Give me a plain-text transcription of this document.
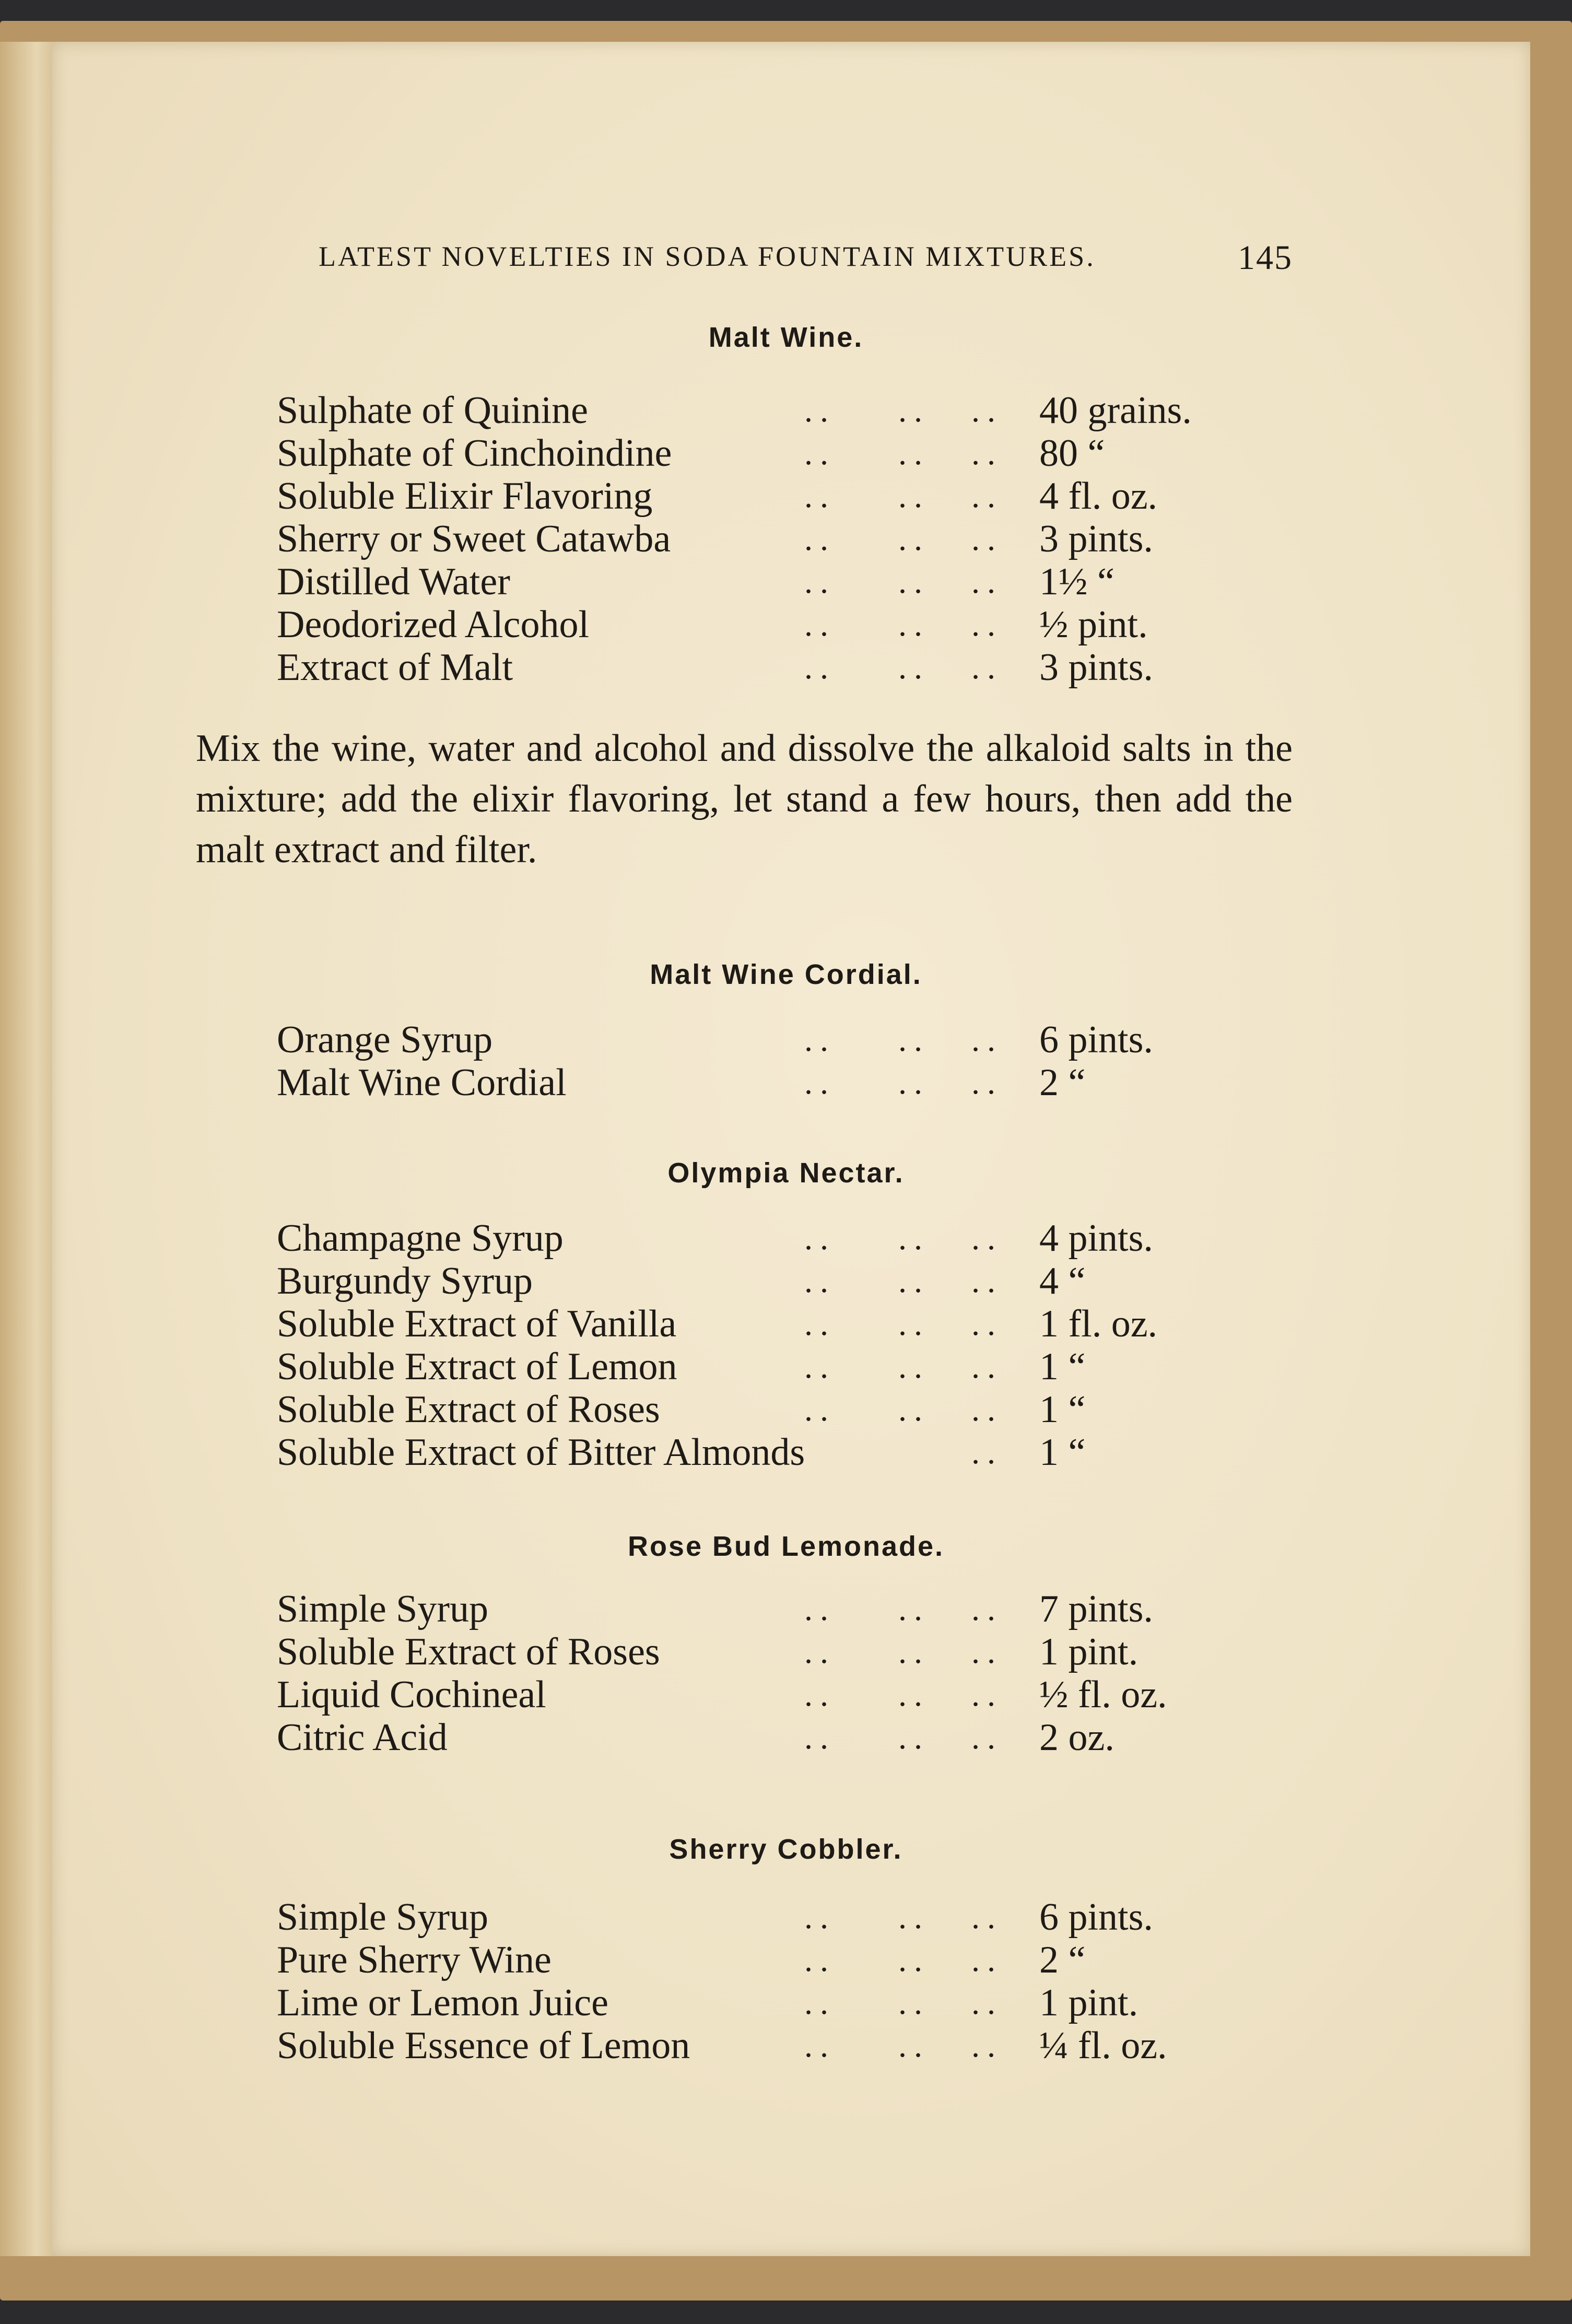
LATEST NOVELTIES IN SODA FOUNTAIN MIXTURES.	145
Malt Wine.
.. .. ..
Sulphate of Quinine	40 grains.
.. .. ..
Sulphate of Cinchoindine	80 “
.. .. ..
Soluble Elixir Flavoring	4 fl. oz.
.. .. ..
Sherry or Sweet Catawba	3 pints.
.. .. ..
Distilled Water	1½ “
.. .. ..
Deodorized Alcohol	½ pint.
.. .. ..
Extract of Malt	3 pints.
Malt Wine Cordial.
.. .. ..
Orange Syrup	6 pints.
.. .. ..
Malt Wine Cordial	2 “
Olympia Nectar.
.. .. ..
Champagne Syrup	4 pints.
.. .. ..
Burgundy Syrup	4 “
.. .. ..
Soluble Extract of Vanilla	1 fl. oz.
.. .. ..
Soluble Extract of Lemon	1 “
.. .. ..
Soluble Extract of Roses	1 “
..
Soluble Extract of Bitter Almonds	1 “
Rose Bud Lemonade.
.. .. ..
Simple Syrup	7 pints.
.. .. ..
Soluble Extract of Roses	1 pint.
.. .. ..
Liquid Cochineal	½ fl. oz.
.. .. ..
Citric Acid	2 oz.
Sherry Cobbler.
.. .. ..
Simple Syrup	6 pints.
.. .. ..
Pure Sherry Wine	2 “
.. .. ..
Lime or Lemon Juice	1 pint.
.. .. ..
Soluble Essence of Lemon	¼ fl. oz.
Mix the wine, water and alcohol and dissolve the alkaloid salts in the mixture; add the elixir flavoring, let stand a few hours, then add the malt extract and filter.
